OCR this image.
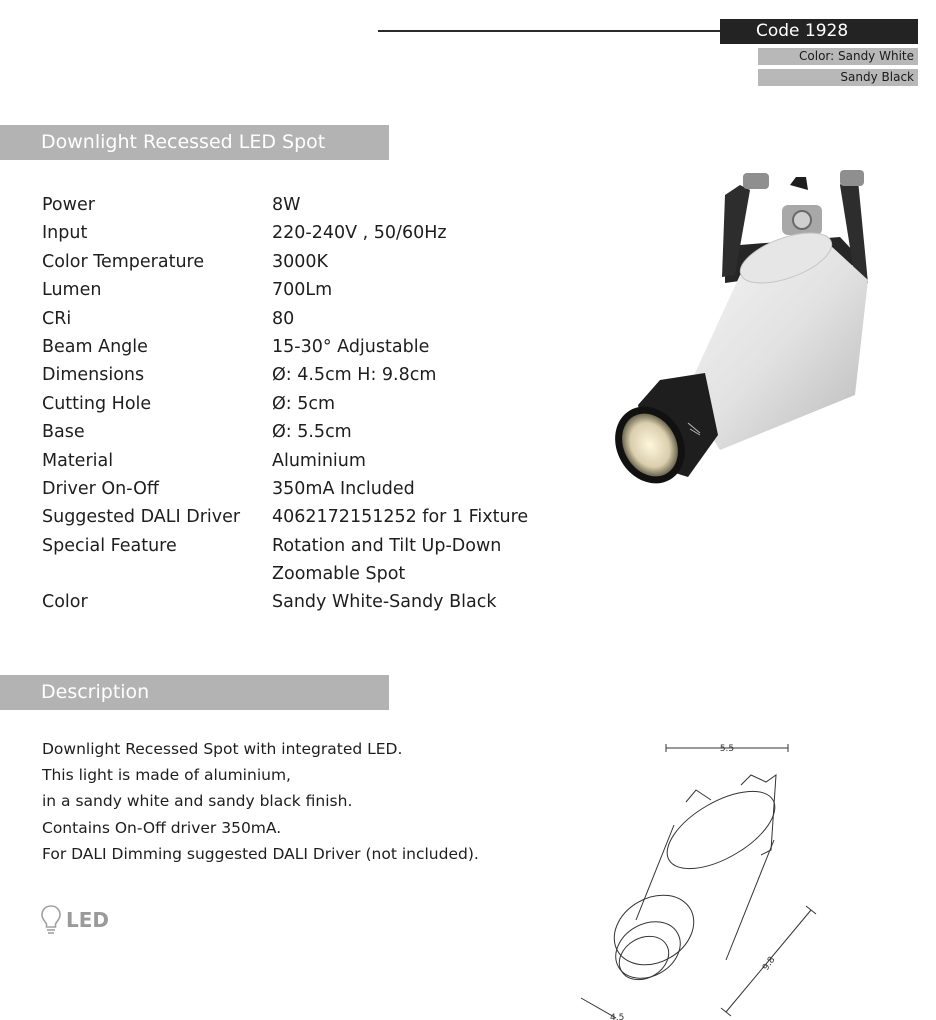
Code 1928
Color: Sandy White
Sandy Black
Downlight Recessed LED Spot
Power	8W
Input	220-240V , 50/60Hz
Color Temperature	3000K
Lumen	700Lm
CRi	80
Beam Angle	15-30° Adjustable
Dimensions	Ø: 4.5cm H: 9.8cm
Cutting Hole	Ø: 5cm
Base	Ø: 5.5cm
Material	Aluminium
Driver On-Off	350mA Included
Suggested DALI Driver	4062172151252 for 1 Fixture
Special Feature	Rotation and Tilt Up-Down
Zoomable Spot
Color	Sandy White-Sandy Black
Description
Downlight Recessed Spot with integrated LED.
This light is made of aluminium,
in a sandy white and sandy black finish.
Contains On-Off driver 350mA.
For DALI Dimming suggested DALI Driver (not included).
LED
5.5
9.8
4.5
